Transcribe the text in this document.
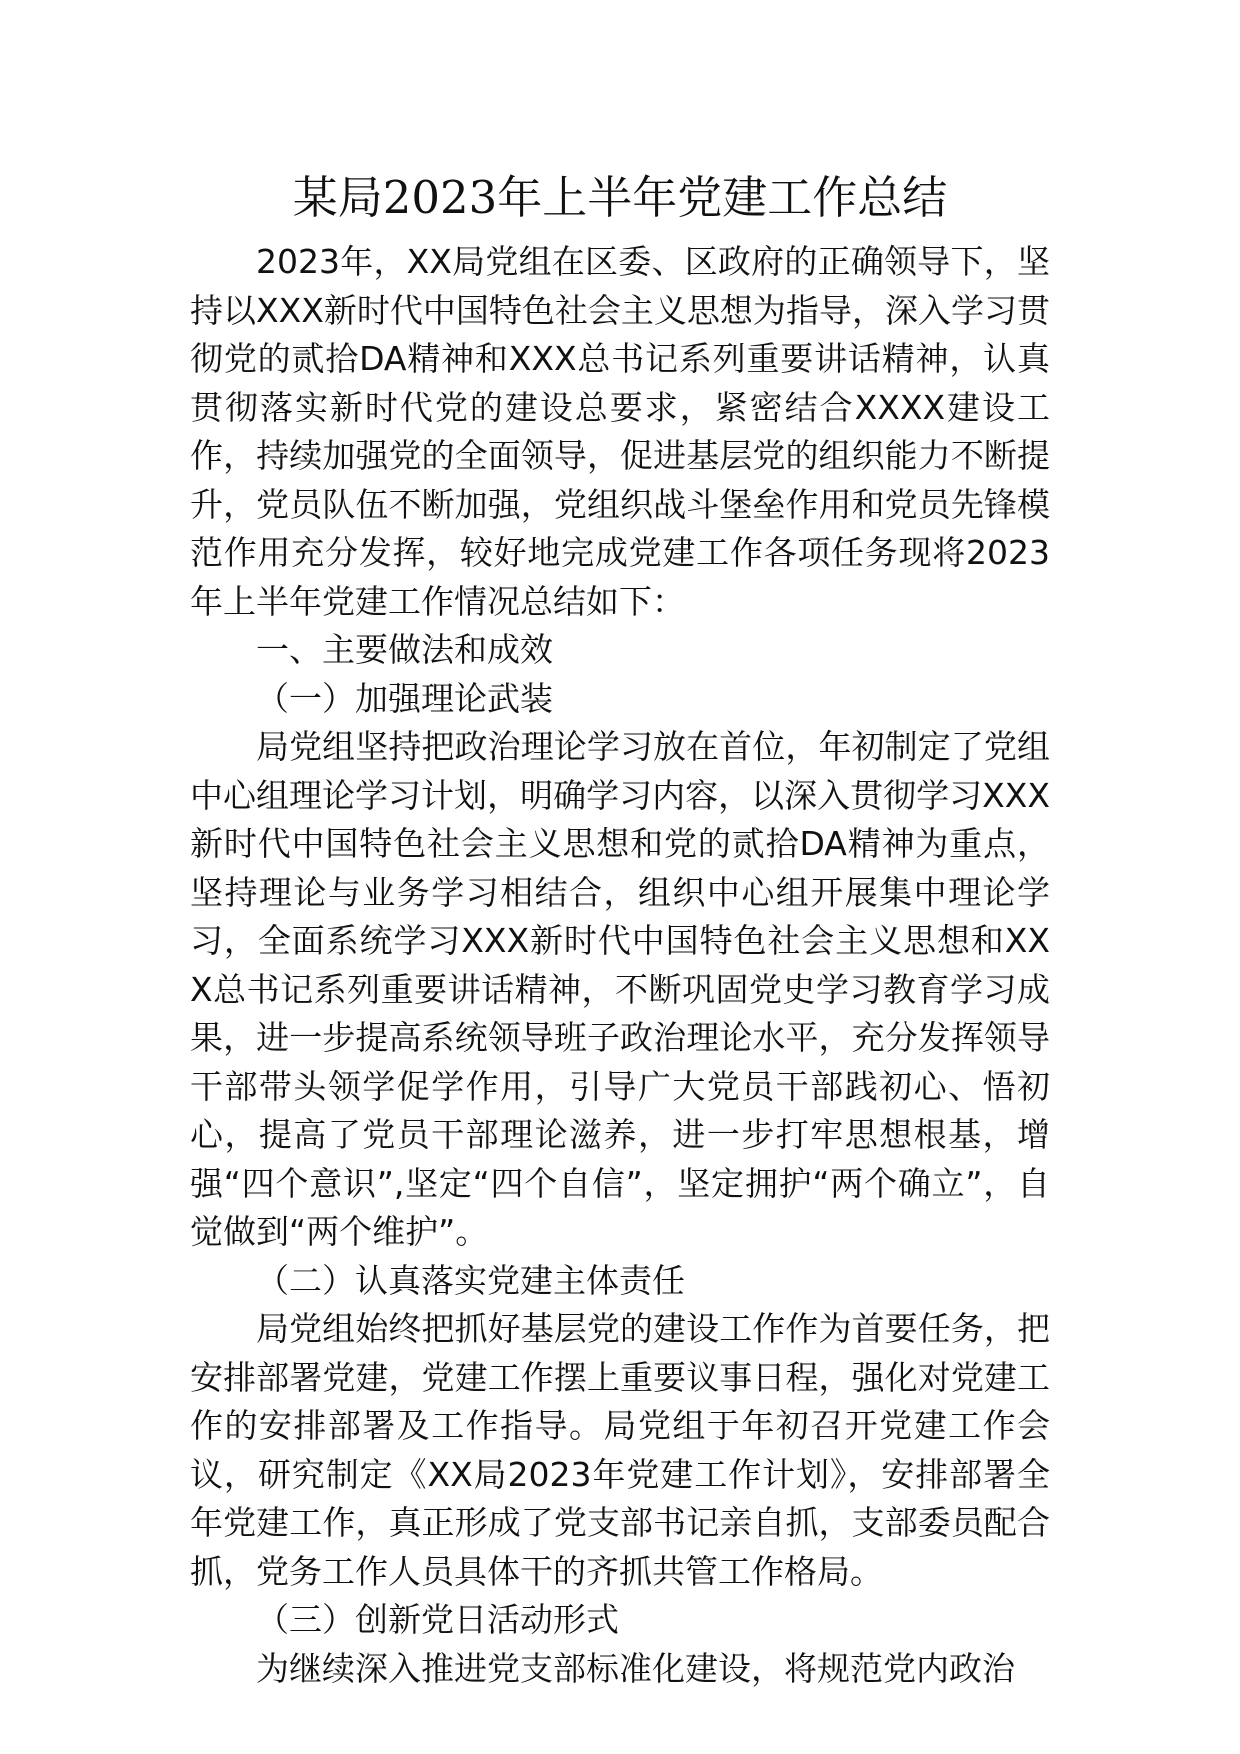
某局2023年上半年党建工作总结

2023年，XX局党组在区委、区政府的正确领导下，坚持以XXX新时代中国特色社会主义思想为指导，深入学习贯彻党的贰拾DA精神和XXX总书记系列重要讲话精神，认真贯彻落实新时代党的建设总要求，紧密结合XXXX建设工作，持续加强党的全面领导，促进基层党的组织能力不断提升，党员队伍不断加强，党组织战斗堡垒作用和党员先锋模范作用充分发挥，较好地完成党建工作各项任务现将2023年上半年党建工作情况总结如下：

一、主要做法和成效

（一）加强理论武装

局党组坚持把政治理论学习放在首位，年初制定了党组中心组理论学习计划，明确学习内容，以深入贯彻学习XXX新时代中国特色社会主义思想和党的贰拾DA精神为重点，坚持理论与业务学习相结合，组织中心组开展集中理论学习，全面系统学习XXX新时代中国特色社会主义思想和XXX总书记系列重要讲话精神，不断巩固党史学习教育学习成果，进一步提高系统领导班子政治理论水平，充分发挥领导干部带头领学促学作用，引导广大党员干部践初心、悟初心，提高了党员干部理论滋养，进一步打牢思想根基，增强“四个意识”,坚定“四个自信”，坚定拥护“两个确立”，自觉做到“两个维护”。

（二）认真落实党建主体责任

局党组始终把抓好基层党的建设工作作为首要任务，把安排部署党建，党建工作摆上重要议事日程，强化对党建工作的安排部署及工作指导。局党组于年初召开党建工作会议，研究制定《XX局2023年党建工作计划》，安排部署全年党建工作，真正形成了党支部书记亲自抓，支部委员配合抓，党务工作人员具体干的齐抓共管工作格局。

（三）创新党日活动形式

为继续深入推进党支部标准化建设，将规范党内政治
